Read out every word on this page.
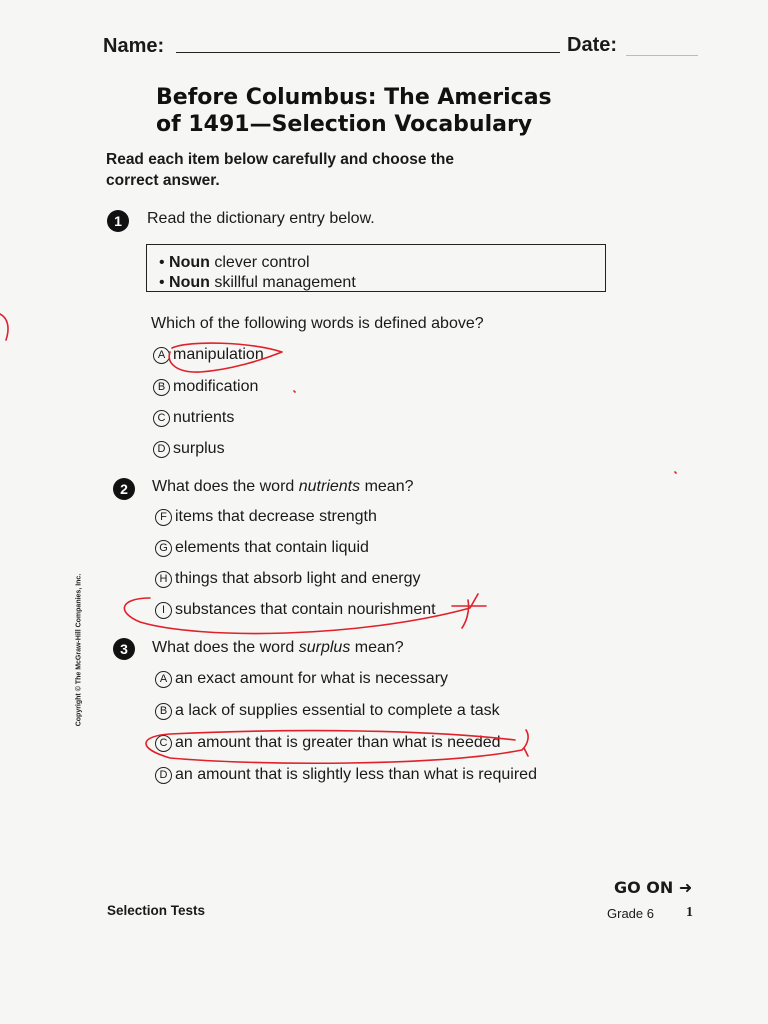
Name:	Date:
Before Columbus: The Americas
of 1491—Selection Vocabulary
Read each item below carefully and choose the
correct answer.
1	Read the dictionary entry below.
• Noun clever control
• Noun skillful management
Which of the following words is defined above?
A manipulation
B modification
C nutrients
D surplus
2	What does the word nutrients mean?
F items that decrease strength
G elements that contain liquid
H things that absorb light and energy
I substances that contain nourishment
3	What does the word surplus mean?
A an exact amount for what is necessary
B a lack of supplies essential to complete a task
C an amount that is greater than what is needed
D an amount that is slightly less than what is required
Copyright © The McGraw-Hill Companies, Inc.
GO ON ➜
Selection Tests	Grade 6 1
